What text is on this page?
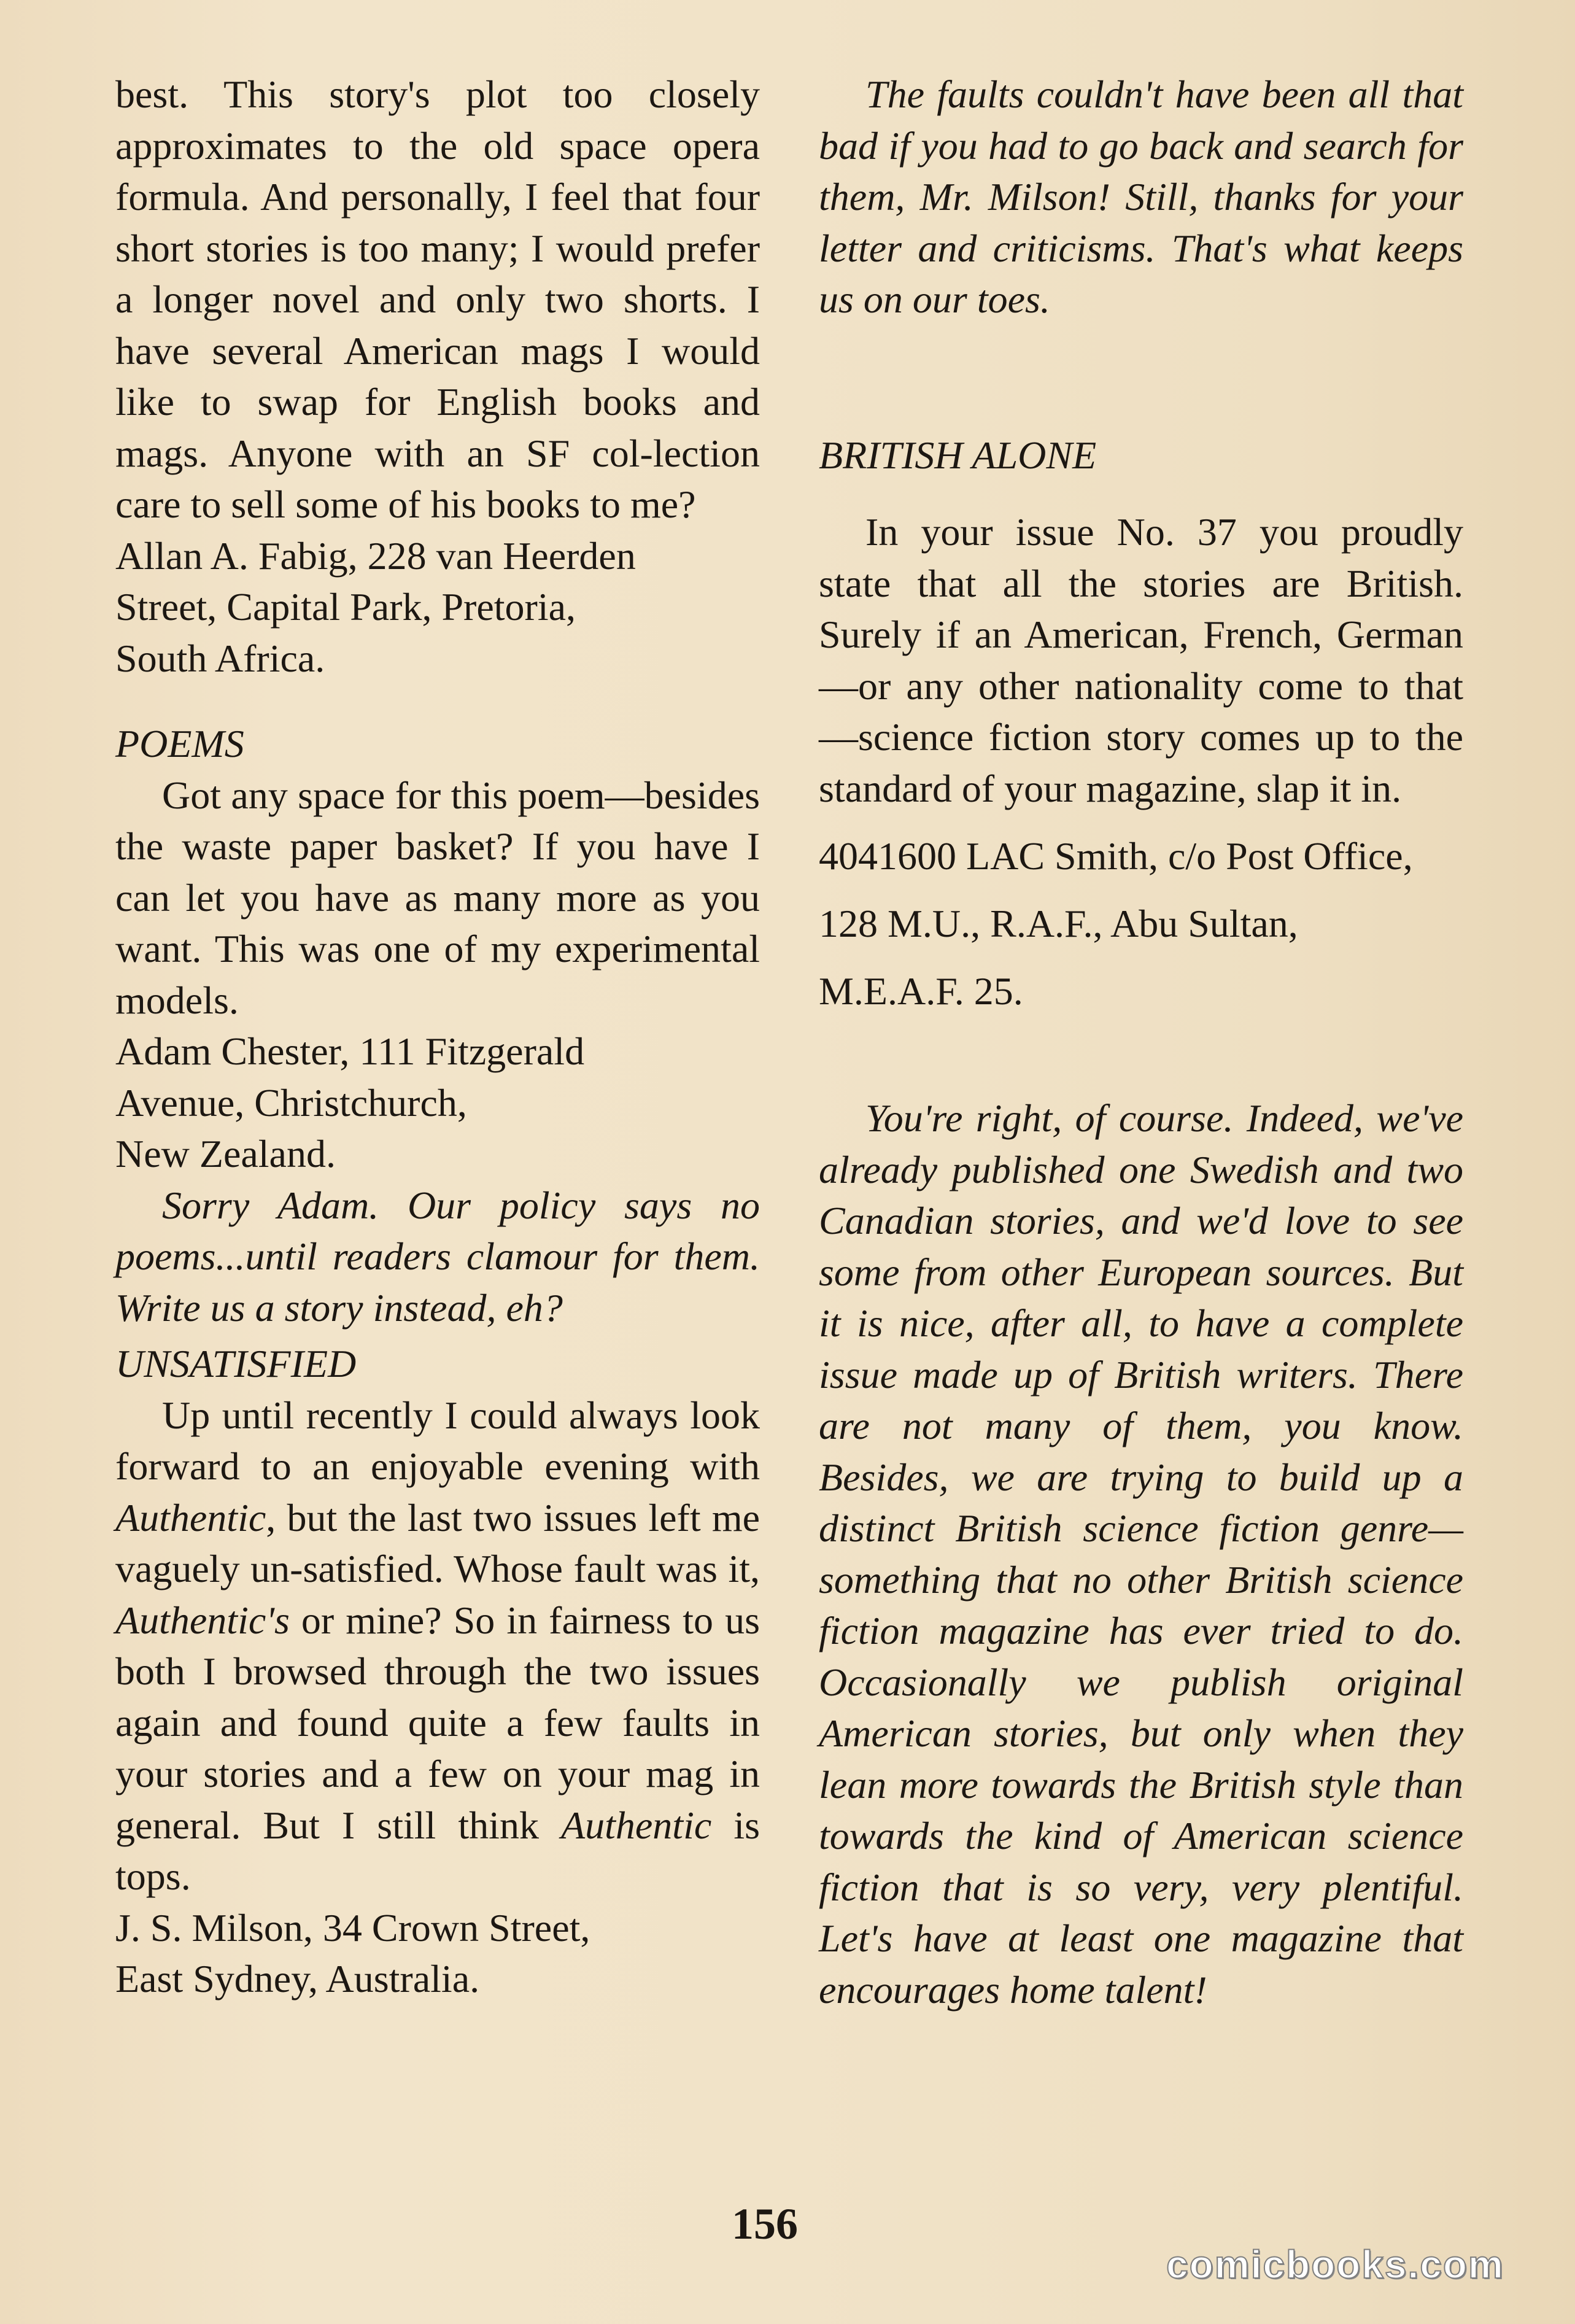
best. This story's plot too closely approximates to the old space opera formula. And personally, I feel that four short stories is too many; I would prefer a longer novel and only two shorts. I have several American mags I would like to swap for English books and mags. Anyone with an SF col-lection care to sell some of his books to me?

Allan A. Fabig, 228 van Heerden
Street, Capital Park, Pretoria,
South Africa.

POEMS

Got any space for this poem—besides the waste paper basket? If you have I can let you have as many more as you want. This was one of my experimental models.

Adam Chester, 111 Fitzgerald
Avenue, Christchurch,
New Zealand.

Sorry Adam. Our policy says no poems...until readers clamour for them. Write us a story instead, eh?

UNSATISFIED

Up until recently I could always look forward to an enjoyable evening with Authentic, but the last two issues left me vaguely un-satisfied. Whose fault was it, Authentic's or mine? So in fairness to us both I browsed through the two issues again and found quite a few faults in your stories and a few on your mag in general. But I still think Authentic is tops.

J. S. Milson, 34 Crown Street,
East Sydney, Australia.

The faults couldn't have been all that bad if you had to go back and search for them, Mr. Milson! Still, thanks for your letter and criticisms. That's what keeps us on our toes.

BRITISH ALONE

In your issue No. 37 you proudly state that all the stories are British. Surely if an American, French, German—or any other nationality come to that—science fiction story comes up to the standard of your magazine, slap it in.

4041600 LAC Smith, c/o Post Office,
128 M.U., R.A.F., Abu Sultan,
M.E.A.F. 25.

You're right, of course. Indeed, we've already published one Swedish and two Canadian stories, and we'd love to see some from other European sources. But it is nice, after all, to have a complete issue made up of British writers. There are not many of them, you know. Besides, we are trying to build up a distinct British science fiction genre—something that no other British science fiction magazine has ever tried to do. Occasionally we publish original American stories, but only when they lean more towards the British style than towards the kind of American science fiction that is so very, very plentiful. Let's have at least one magazine that encourages home talent!

156
comicbooks.com
